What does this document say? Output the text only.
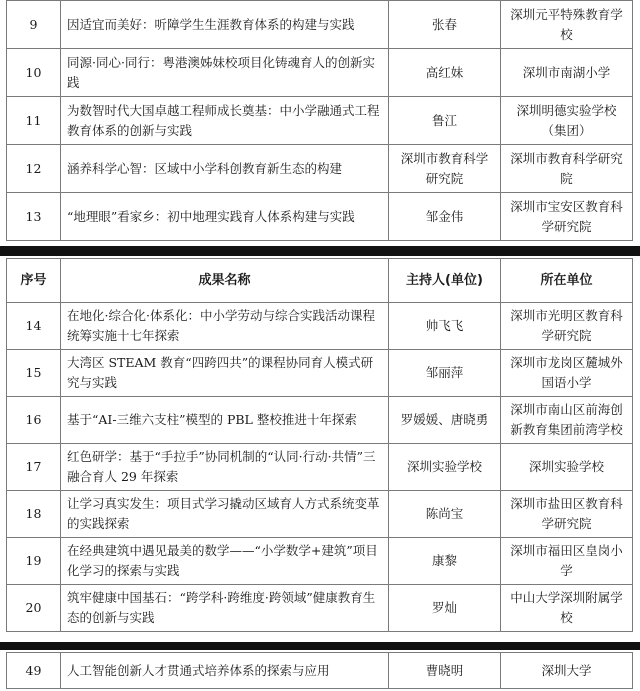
9	因适宜而美好：听障学生生涯教育体系的构建与实践	张春	深圳元平特殊教育学校
10	同源·同心·同行：粤港澳姊妹校项目化铸魂育人的创新实践	高红妹	深圳市南湖小学
11	为数智时代大国卓越工程师成长奠基：中小学融通式工程教育体系的创新与实践	鲁江	深圳明德实验学校（集团）
12	涵养科学心智：区域中小学科创教育新生态的构建	深圳市教育科学研究院	深圳市教育科学研究院
13	“地理眼”看家乡：初中地理实践育人体系构建与实践	邹金伟	深圳市宝安区教育科学研究院
序号	成果名称	主持人(单位)	所在单位
14	在地化·综合化·体系化：中小学劳动与综合实践活动课程统筹实施十七年探索	帅飞飞	深圳市光明区教育科学研究院
15	大湾区 STEAM 教育“四跨四共”的课程协同育人模式研究与实践	邹丽萍	深圳市龙岗区麓城外国语小学
16	基于“AI-三维六支柱”模型的 PBL 整校推进十年探索	罗媛媛、唐晓勇	深圳市南山区前海创新教育集团前湾学校
17	红色研学：基于“手拉手”协同机制的“认同·行动·共情”三融合育人 29 年探索	深圳实验学校	深圳实验学校
18	让学习真实发生：项目式学习撬动区域育人方式系统变革的实践探索	陈尚宝	深圳市盐田区教育科学研究院
19	在经典建筑中遇见最美的数学——“小学数学+建筑”项目化学习的探索与实践	康黎	深圳市福田区皇岗小学
20	筑牢健康中国基石：“跨学科·跨维度·跨领域”健康教育生态的创新与实践	罗灿	中山大学深圳附属学校
49	人工智能创新人才贯通式培养体系的探索与应用	曹晓明	深圳大学
